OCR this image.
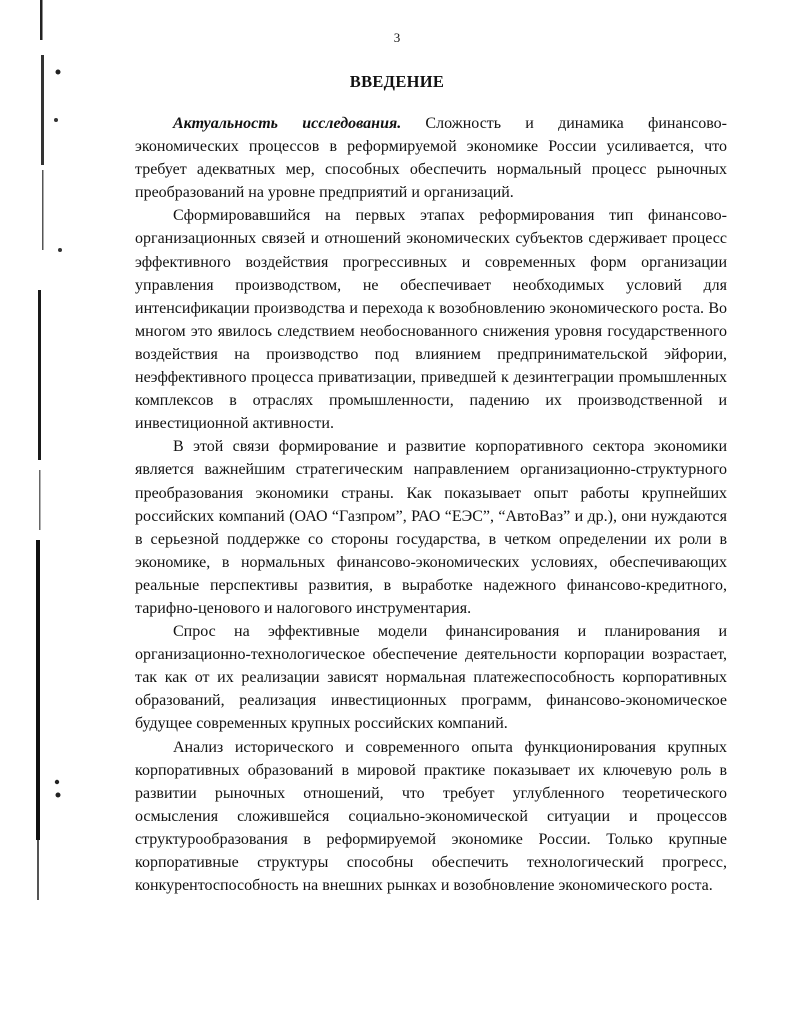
3
ВВЕДЕНИЕ

Актуальность исследования. Сложность и динамика финансово-экономических процессов в реформируемой экономике России усиливается, что требует адекватных мер, способных обеспечить нормальный процесс рыночных преобразований на уровне предприятий и организаций.

Сформировавшийся на первых этапах реформирования тип финансово-организационных связей и отношений экономических субъектов сдерживает процесс эффективного воздействия прогрессивных и современных форм организации управления производством, не обеспечивает необходимых условий для интенсификации производства и перехода к возобновлению экономического роста. Во многом это явилось следствием необоснованного снижения уровня государственного воздействия на производство под влиянием предпринимательской эйфории, неэффективного процесса приватизации, приведшей к дезинтеграции промышленных комплексов в отраслях промышленности, падению их производственной и инвестиционной активности.

В этой связи формирование и развитие корпоративного сектора экономики является важнейшим стратегическим направлением организационно-структурного преобразования экономики страны. Как показывает опыт работы крупнейших российских компаний (ОАО “Газпром”, РАО “ЕЭС”, “АвтоВаз” и др.), они нуждаются в серьезной поддержке со стороны государства, в четком определении их роли в экономике, в нормальных финансово-экономических условиях, обеспечивающих реальные перспективы развития, в выработке надежного финансово-кредитного, тарифно-ценового и налогового инструментария.

Спрос на эффективные модели финансирования и планирования и организационно-технологическое обеспечение деятельности корпорации возрастает, так как от их реализации зависят нормальная платежеспособность корпоративных образований, реализация инвестиционных программ, финансово-экономическое будущее современных крупных российских компаний.

Анализ исторического и современного опыта функционирования крупных корпоративных образований в мировой практике показывает их ключевую роль в развитии рыночных отношений, что требует углубленного теоретического осмысления сложившейся социально-экономической ситуации и процессов структурообразования в реформируемой экономике России. Только крупные корпоративные структуры способны обеспечить технологический прогресс, конкурентоспособность на внешних рынках и возобновление экономического роста.
